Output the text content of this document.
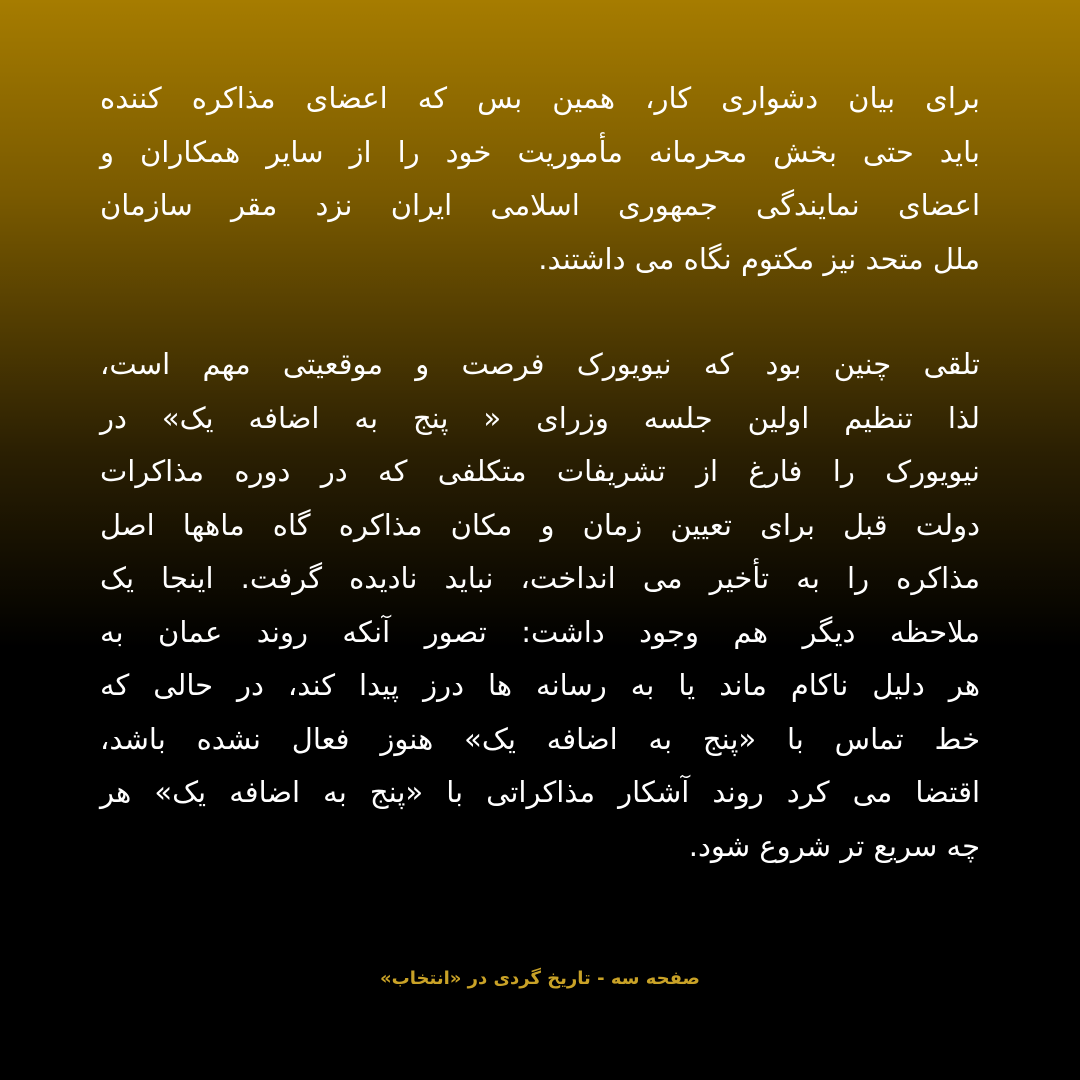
برای بیان دشواری کار، همین بس که اعضای مذاکره کننده
باید حتی بخش محرمانه مأموریت خود را از سایر همکاران و
اعضای نمایندگی جمهوری اسلامی ایران نزد مقر سازمان
ملل متحد نیز مکتوم نگاه می داشتند.
تلقی چنین بود که نیویورک فرصت و موقعیتی مهم است،
لذا تنظیم اولین جلسه وزرای « پنج به اضافه یک» در
نیویورک را فارغ از تشریفات متکلفی که در دوره مذاکرات
دولت قبل برای تعیین زمان و مکان مذاکره گاه ماهها اصل
مذاکره را به تأخیر می انداخت، نباید نادیده گرفت. اینجا یک
ملاحظه دیگر هم وجود داشت: تصور آنکه روند عمان به
هر دلیل ناکام ماند یا به رسانه ها درز پیدا کند، در حالی که
خط تماس با «پنج به اضافه یک» هنوز فعال نشده باشد،
اقتضا می کرد روند آشکار مذاکراتی با «پنج به اضافه یک» هر
چه سریع تر شروع شود.
صفحه سه - تاریخ گردی در «انتخاب»
